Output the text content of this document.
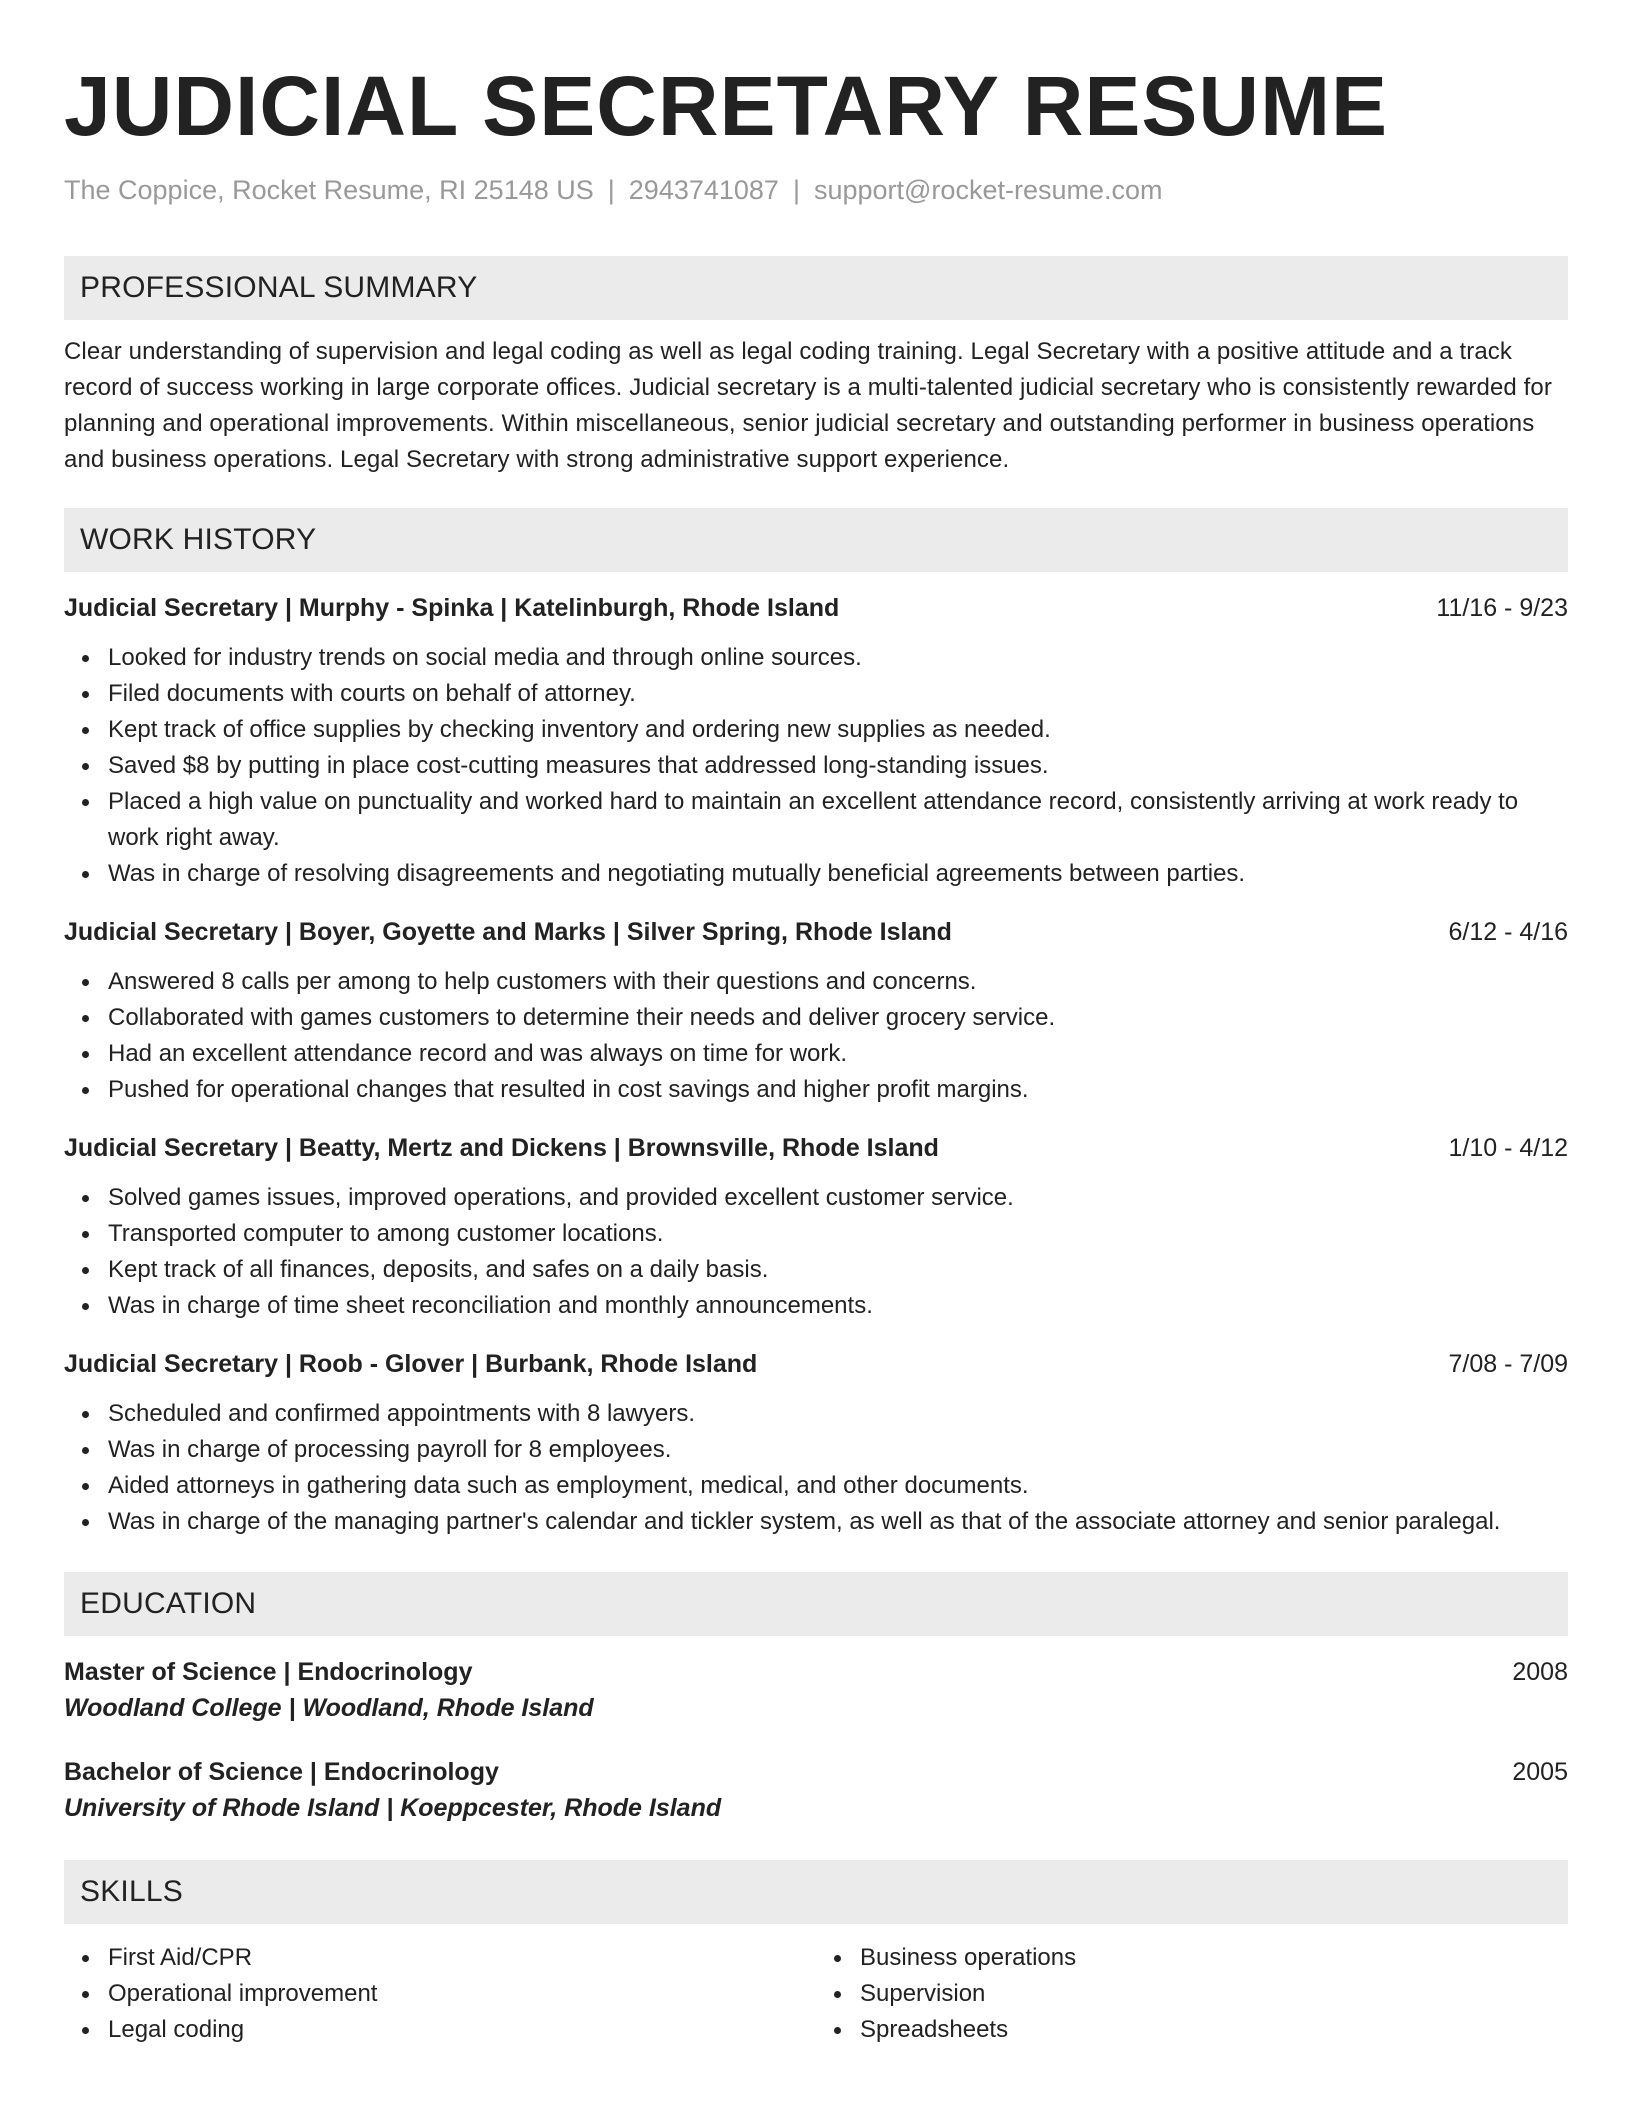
JUDICIAL SECRETARY RESUME
The Coppice, Rocket Resume, RI 25148 US | 2943741087 | support@rocket-resume.com
PROFESSIONAL SUMMARY
Clear understanding of supervision and legal coding as well as legal coding training. Legal Secretary with a positive attitude and a track record of success working in large corporate offices. Judicial secretary is a multi-talented judicial secretary who is consistently rewarded for planning and operational improvements. Within miscellaneous, senior judicial secretary and outstanding performer in business operations and business operations. Legal Secretary with strong administrative support experience.
WORK HISTORY
Judicial Secretary | Murphy - Spinka | Katelinburgh, Rhode Island	11/16 - 9/23
Looked for industry trends on social media and through online sources.
Filed documents with courts on behalf of attorney.
Kept track of office supplies by checking inventory and ordering new supplies as needed.
Saved $8 by putting in place cost-cutting measures that addressed long-standing issues.
Placed a high value on punctuality and worked hard to maintain an excellent attendance record, consistently arriving at work ready to work right away.
Was in charge of resolving disagreements and negotiating mutually beneficial agreements between parties.
Judicial Secretary | Boyer, Goyette and Marks | Silver Spring, Rhode Island	6/12 - 4/16
Answered 8 calls per among to help customers with their questions and concerns.
Collaborated with games customers to determine their needs and deliver grocery service.
Had an excellent attendance record and was always on time for work.
Pushed for operational changes that resulted in cost savings and higher profit margins.
Judicial Secretary | Beatty, Mertz and Dickens | Brownsville, Rhode Island	1/10 - 4/12
Solved games issues, improved operations, and provided excellent customer service.
Transported computer to among customer locations.
Kept track of all finances, deposits, and safes on a daily basis.
Was in charge of time sheet reconciliation and monthly announcements.
Judicial Secretary | Roob - Glover | Burbank, Rhode Island	7/08 - 7/09
Scheduled and confirmed appointments with 8 lawyers.
Was in charge of processing payroll for 8 employees.
Aided attorneys in gathering data such as employment, medical, and other documents.
Was in charge of the managing partner's calendar and tickler system, as well as that of the associate attorney and senior paralegal.
EDUCATION
Master of Science | Endocrinology	2008
Woodland College | Woodland, Rhode Island
Bachelor of Science | Endocrinology	2005
University of Rhode Island | Koeppcester, Rhode Island
SKILLS
First Aid/CPR
Operational improvement
Legal coding
Business operations
Supervision
Spreadsheets
